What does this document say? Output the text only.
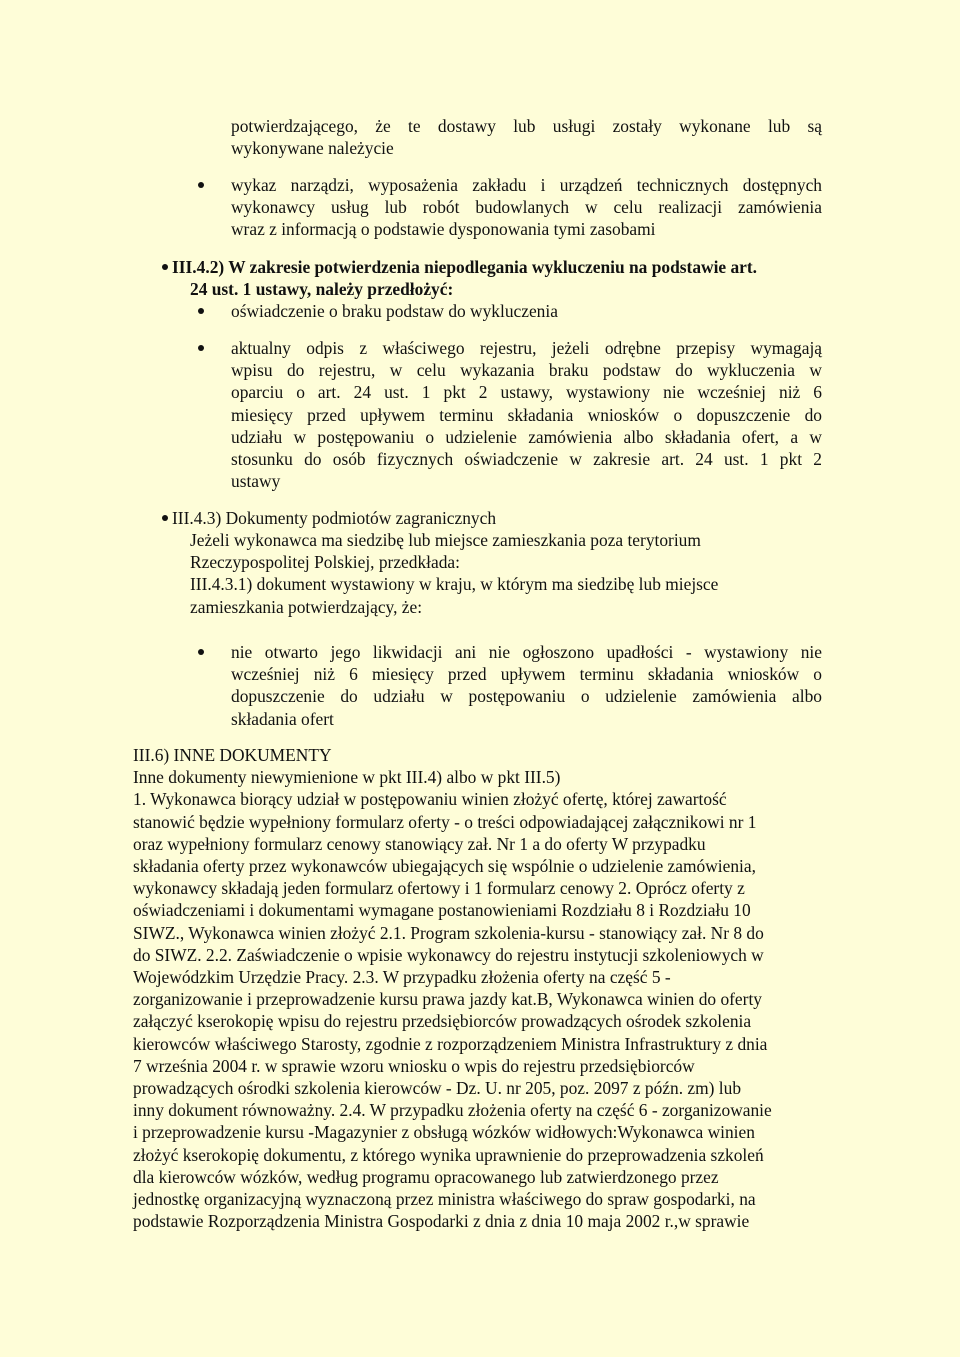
potwierdzającego, że te dostawy lub usługi zostały wykonane lub są
wykonywane należycie
wykaz narządzi, wyposażenia zakładu i urządzeń technicznych dostępnych
wykonawcy usług lub robót budowlanych w celu realizacji zamówienia
wraz z informacją o podstawie dysponowania tymi zasobami
III.4.2) W zakresie potwierdzenia niepodlegania wykluczeniu na podstawie art.
24 ust. 1 ustawy, należy przedłożyć:
oświadczenie o braku podstaw do wykluczenia
aktualny odpis z właściwego rejestru, jeżeli odrębne przepisy wymagają
wpisu do rejestru, w celu wykazania braku podstaw do wykluczenia w
oparciu o art. 24 ust. 1 pkt 2 ustawy, wystawiony nie wcześniej niż 6
miesięcy przed upływem terminu składania wniosków o dopuszczenie do
udziału w postępowaniu o udzielenie zamówienia albo składania ofert, a w
stosunku do osób fizycznych oświadczenie w zakresie art. 24 ust. 1 pkt 2
ustawy
III.4.3) Dokumenty podmiotów zagranicznych
Jeżeli wykonawca ma siedzibę lub miejsce zamieszkania poza terytorium
Rzeczypospolitej Polskiej, przedkłada:
III.4.3.1) dokument wystawiony w kraju, w którym ma siedzibę lub miejsce
zamieszkania potwierdzający, że:
nie otwarto jego likwidacji ani nie ogłoszono upadłości - wystawiony nie
wcześniej niż 6 miesięcy przed upływem terminu składania wniosków o
dopuszczenie do udziału w postępowaniu o udzielenie zamówienia albo
składania ofert
III.6) INNE DOKUMENTY
Inne dokumenty niewymienione w pkt III.4) albo w pkt III.5)
1. Wykonawca biorący udział w postępowaniu winien złożyć ofertę, której zawartość
stanowić będzie wypełniony formularz oferty - o treści odpowiadającej załącznikowi nr 1
oraz wypełniony formularz cenowy stanowiący zał. Nr 1 a do oferty W przypadku
składania oferty przez wykonawców ubiegających się wspólnie o udzielenie zamówienia,
wykonawcy składają jeden formularz ofertowy i 1 formularz cenowy 2. Oprócz oferty z
oświadczeniami i dokumentami wymagane postanowieniami Rozdziału 8 i Rozdziału 10
SIWZ., Wykonawca winien złożyć 2.1. Program szkolenia-kursu - stanowiący zał. Nr 8 do
do SIWZ. 2.2. Zaświadczenie o wpisie wykonawcy do rejestru instytucji szkoleniowych w
Wojewódzkim Urzędzie Pracy. 2.3. W przypadku złożenia oferty na część 5 -
zorganizowanie i przeprowadzenie kursu prawa jazdy kat.B, Wykonawca winien do oferty
załączyć kserokopię wpisu do rejestru przedsiębiorców prowadzących ośrodek szkolenia
kierowców właściwego Starosty, zgodnie z rozporządzeniem Ministra Infrastruktury z dnia
7 września 2004 r. w sprawie wzoru wniosku o wpis do rejestru przedsiębiorców
prowadzących ośrodki szkolenia kierowców - Dz. U. nr 205, poz. 2097 z późn. zm) lub
inny dokument równoważny. 2.4. W przypadku złożenia oferty na część 6 - zorganizowanie
i przeprowadzenie kursu -Magazynier z obsługą wózków widłowych:Wykonawca winien
złożyć kserokopię dokumentu, z którego wynika uprawnienie do przeprowadzenia szkoleń
dla kierowców wózków, według programu opracowanego lub zatwierdzonego przez
jednostkę organizacyjną wyznaczoną przez ministra właściwego do spraw gospodarki, na
podstawie Rozporządzenia Ministra Gospodarki z dnia z dnia 10 maja 2002 r.,w sprawie
